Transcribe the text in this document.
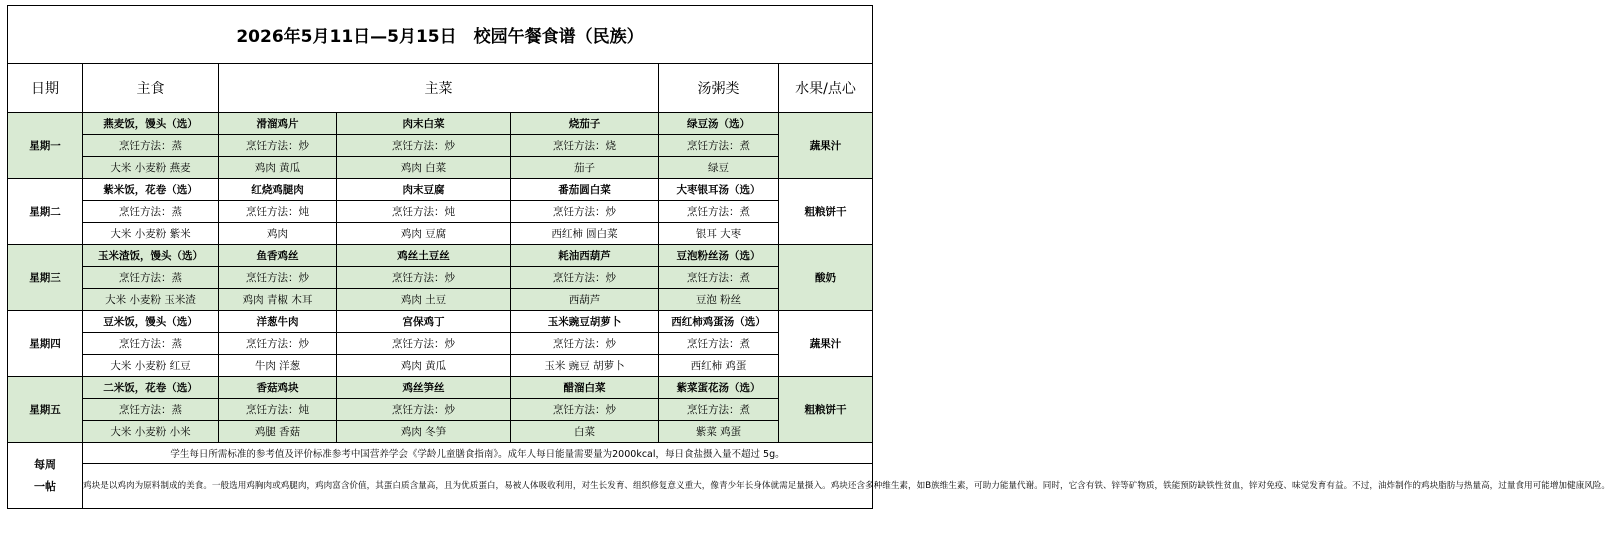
2026年5月11日—5月15日　校园午餐食谱（民族）						
日期	主食	主菜			汤粥类	水果/点心
星期一	燕麦饭，馒头（选）	滑溜鸡片	肉末白菜	烧茄子	绿豆汤（选）	蔬果汁
	烹饪方法：蒸	烹饪方法：炒	烹饪方法：炒	烹饪方法：烧	烹饪方法：煮	
	大米 小麦粉 燕麦	鸡肉 黄瓜	鸡肉 白菜	茄子	绿豆	
星期二	紫米饭，花卷（选）	红烧鸡腿肉	肉末豆腐	番茄圆白菜	大枣银耳汤（选）	粗粮饼干
	烹饪方法：蒸	烹饪方法：炖	烹饪方法：炖	烹饪方法：炒	烹饪方法：煮	
	大米 小麦粉 紫米	鸡肉	鸡肉 豆腐	西红柿 圆白菜	银耳 大枣	
星期三	玉米渣饭，馒头（选）	鱼香鸡丝	鸡丝土豆丝	耗油西葫芦	豆泡粉丝汤（选）	酸奶
	烹饪方法：蒸	烹饪方法：炒	烹饪方法：炒	烹饪方法：炒	烹饪方法：煮	
	大米 小麦粉 玉米渣	鸡肉 青椒 木耳	鸡肉 土豆	西葫芦	豆泡 粉丝	
星期四	豆米饭，馒头（选）	洋葱牛肉	宫保鸡丁	玉米豌豆胡萝卜	西红柿鸡蛋汤（选）	蔬果汁
	烹饪方法：蒸	烹饪方法：炒	烹饪方法：炒	烹饪方法：炒	烹饪方法：煮	
	大米 小麦粉 红豆	牛肉 洋葱	鸡肉 黄瓜	玉米 豌豆 胡萝卜	西红柿 鸡蛋	
星期五	二米饭，花卷（选）	香菇鸡块	鸡丝笋丝	醋溜白菜	紫菜蛋花汤（选）	粗粮饼干
	烹饪方法：蒸	烹饪方法：炖	烹饪方法：炒	烹饪方法：炒	烹饪方法：煮	
	大米 小麦粉 小米	鸡腿 香菇	鸡肉 冬笋	白菜	紫菜 鸡蛋	

每周
一帖	学生每日所需标准的参考值及评价标准参考中国营养学会《学龄儿童膳食指南》。成年人每日能量需要量为2000kcal，每日食盐摄入量不超过 5g。					
	鸡块是以鸡肉为原料制成的美食。一般选用鸡胸肉或鸡腿肉，鸡肉富含价值，其蛋白质含量高，且为优质蛋白，易被人体吸收利用，对生长发育、组织修复意义重大，像青少年长身体就需足量摄入。鸡块还含多种维生素，如B族维生素，可助力能量代谢。同时，它含有铁、锌等矿物质，铁能预防缺铁性贫血，锌对免疫、味觉发育有益。不过，油炸制作的鸡块脂肪与热量高，过量食用可能增加健康风险。					
